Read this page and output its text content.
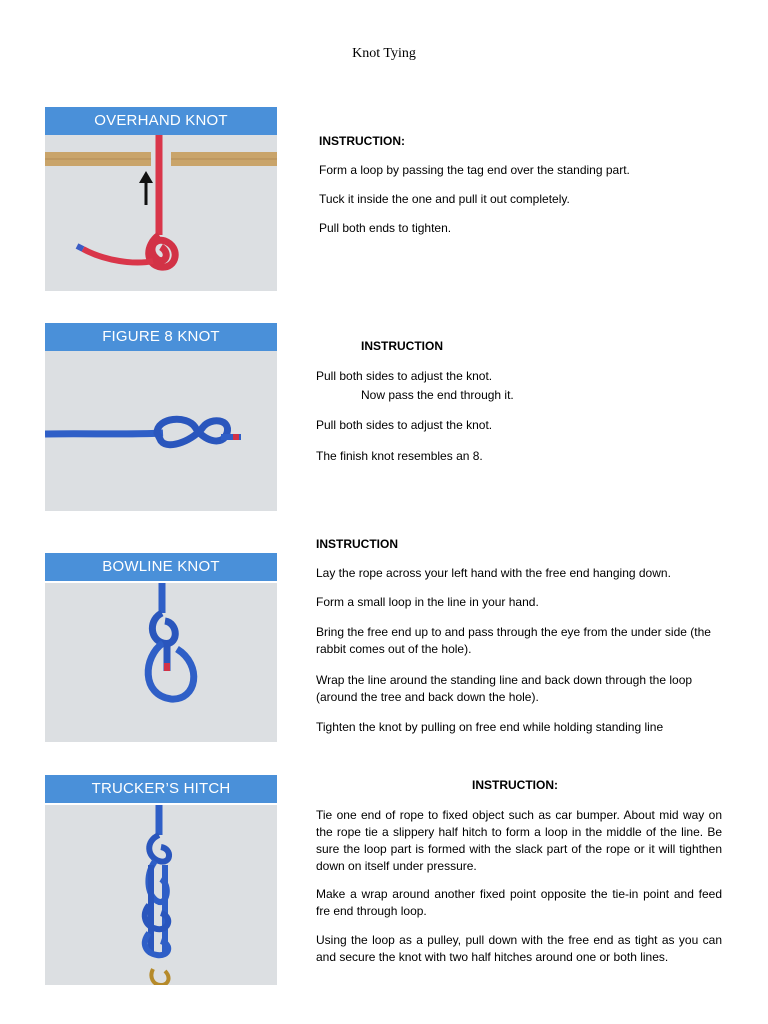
Knot Tying
OVERHAND KNOT
INSTRUCTION:
Form a loop by passing the tag end over the standing part.
Tuck it inside the one and pull it out completely.
Pull both ends to tighten.
FIGURE 8 KNOT
INSTRUCTION
Pull both sides to adjust the knot.
Now pass the end through it.
Pull both sides to adjust the knot.
The finish knot resembles an 8.
BOWLINE KNOT
INSTRUCTION
Lay the rope across your left hand with the free end hanging down.
Form a small loop in the line in your hand.
Bring the free end up to and pass through the eye from the under side (the rabbit comes out of the hole).
Wrap the line around the standing line and back down through the loop (around the tree and back down the hole).
Tighten the knot by pulling on free end while holding standing line
TRUCKER’S HITCH	INSTRUCTION:
Tie one end of rope to fixed object such as car bumper. About mid way on the rope tie a slippery half hitch to form a loop in the middle of the line. Be sure the loop part is formed with the slack part of the rope or it will tighthen down on itself under pressure.
Make a wrap around another fixed point opposite the tie-in point and feed fre end through loop.
Using the loop as a pulley, pull down with the free end as tight as you can and secure the knot with two half hitches around one or both lines.
